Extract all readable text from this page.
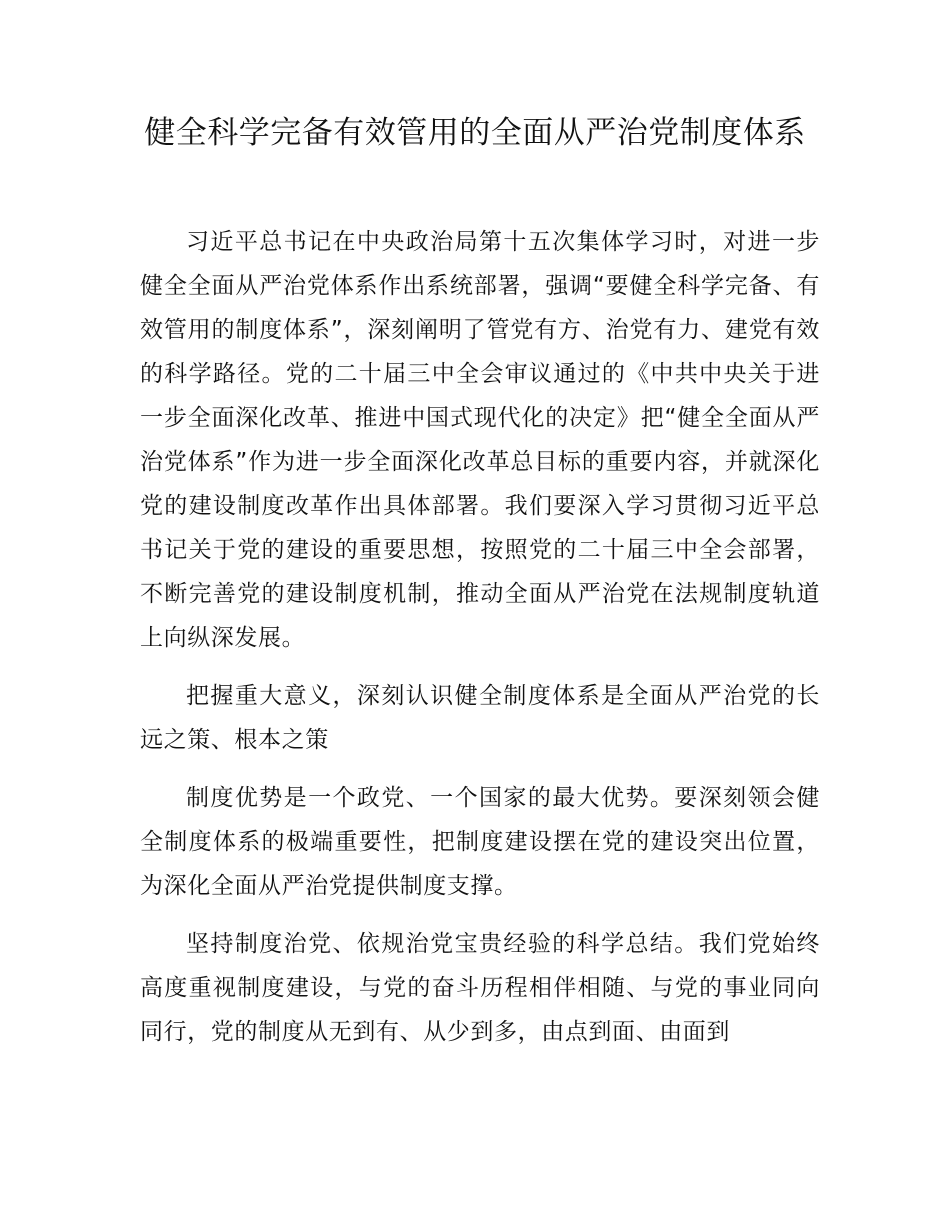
健全科学完备有效管用的全面从严治党制度体系

习近平总书记在中央政治局第十五次集体学习时，对进一步健全全面从严治党体系作出系统部署，强调“要健全科学完备、有效管用的制度体系”，深刻阐明了管党有方、治党有力、建党有效的科学路径。党的二十届三中全会审议通过的《中共中央关于进一步全面深化改革、推进中国式现代化的决定》把“健全全面从严治党体系”作为进一步全面深化改革总目标的重要内容，并就深化党的建设制度改革作出具体部署。我们要深入学习贯彻习近平总书记关于党的建设的重要思想，按照党的二十届三中全会部署，不断完善党的建设制度机制，推动全面从严治党在法规制度轨道上向纵深发展。

把握重大意义，深刻认识健全制度体系是全面从严治党的长远之策、根本之策

制度优势是一个政党、一个国家的最大优势。要深刻领会健全制度体系的极端重要性，把制度建设摆在党的建设突出位置，为深化全面从严治党提供制度支撑。

坚持制度治党、依规治党宝贵经验的科学总结。我们党始终高度重视制度建设，与党的奋斗历程相伴相随、与党的事业同向同行，党的制度从无到有、从少到多，由点到面、由面到
